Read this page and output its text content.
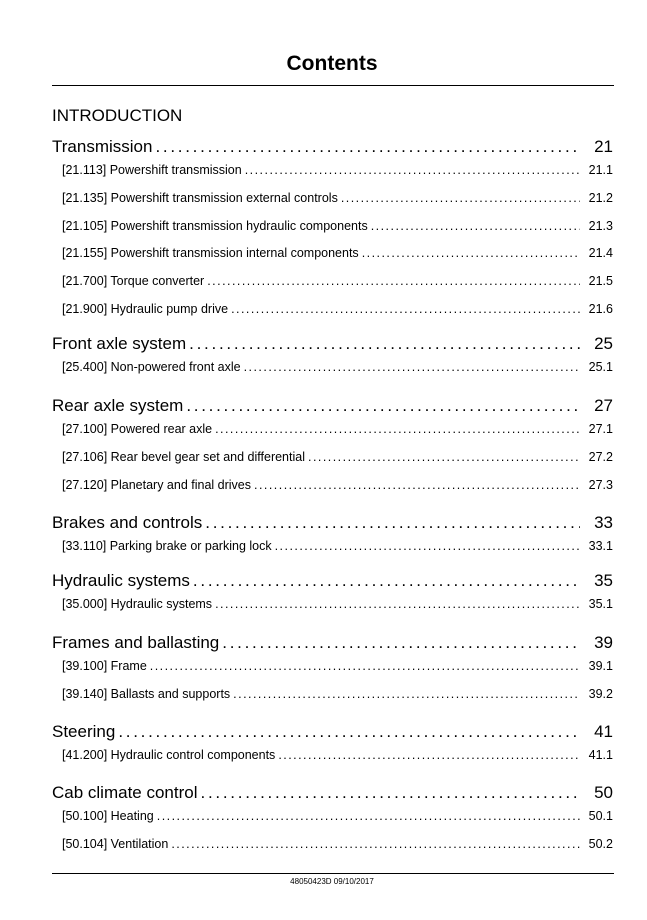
Contents
INTRODUCTION
Transmission . . .	21
[21.113] Powershift transmission . . .	21.1
[21.135] Powershift transmission external controls . . .	21.2
[21.105] Powershift transmission hydraulic components . . .	21.3
[21.155] Powershift transmission internal components . . .	21.4
[21.700] Torque converter . . .	21.5
[21.900] Hydraulic pump drive . . .	21.6
Front axle system . . .	25
[25.400] Non-powered front axle . . .	25.1
Rear axle system . . .	27
[27.100] Powered rear axle . . .	27.1
[27.106] Rear bevel gear set and differential . . .	27.2
[27.120] Planetary and final drives . . .	27.3
Brakes and controls . . .	33
[33.110] Parking brake or parking lock . . .	33.1
Hydraulic systems . . .	35
[35.000] Hydraulic systems . . .	35.1
Frames and ballasting . . .	39
[39.100] Frame . . .	39.1
[39.140] Ballasts and supports . . .	39.2
Steering . . .	41
[41.200] Hydraulic control components . . .	41.1
Cab climate control . . .	50
[50.100] Heating . . .	50.1
[50.104] Ventilation . . .	50.2
48050423D 09/10/2017
